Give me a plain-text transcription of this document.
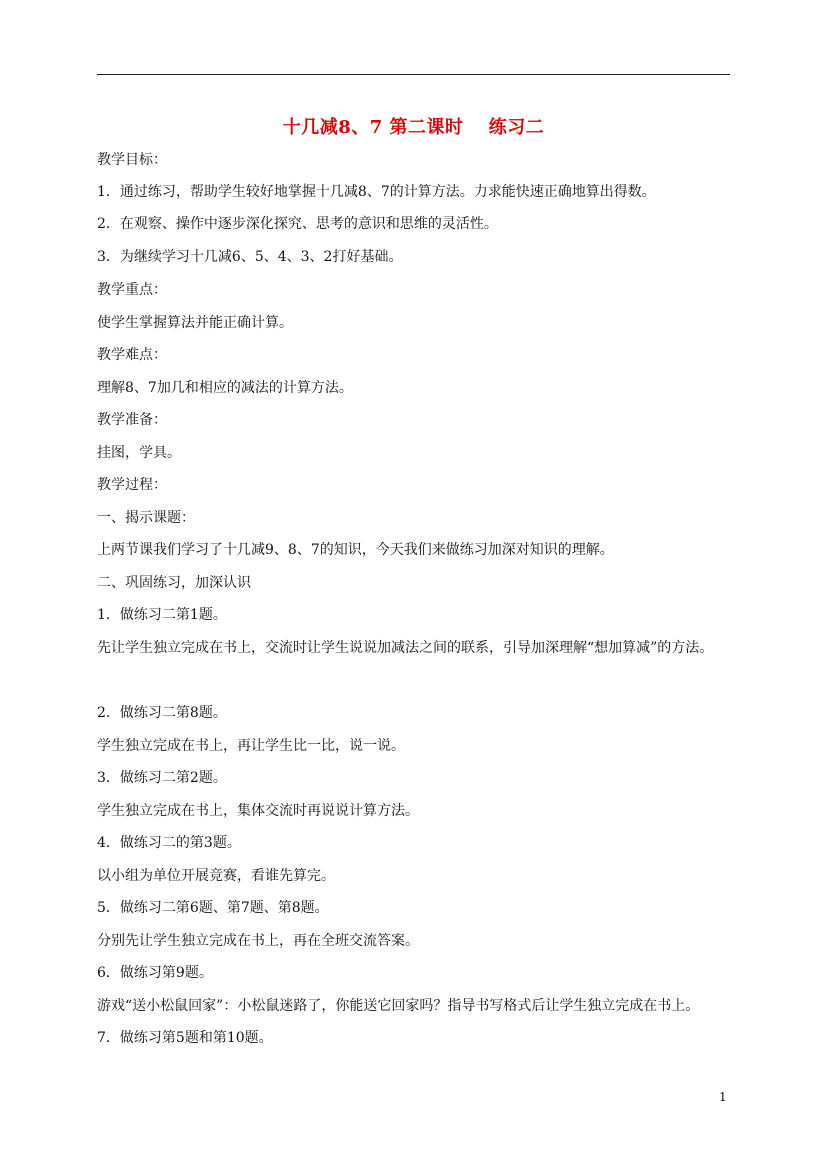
十几减8、7 第二课时　 练习二
教学目标：
1．通过练习，帮助学生较好地掌握十几减8、7的计算方法。力求能快速正确地算出得数。
2．在观察、操作中逐步深化探究、思考的意识和思维的灵活性。
3．为继续学习十几减6、5、4、3、2打好基础。
教学重点：
使学生掌握算法并能正确计算。
教学难点：
理解8、7加几和相应的减法的计算方法。
教学准备：
挂图，学具。
教学过程：
一、揭示课题：
上两节课我们学习了十几减9、8、7的知识，今天我们来做练习加深对知识的理解。
二、巩固练习，加深认识
1．做练习二第1题。
先让学生独立完成在书上，交流时让学生说说加减法之间的联系，引导加深理解“想加算减”的方法。
2．做练习二第8题。
学生独立完成在书上，再让学生比一比，说一说。
3．做练习二第2题。
学生独立完成在书上，集体交流时再说说计算方法。
4．做练习二的第3题。
以小组为单位开展竞赛，看谁先算完。
5．做练习二第6题、第7题、第8题。
分别先让学生独立完成在书上，再在全班交流答案。
6．做练习第9题。
游戏“送小松鼠回家”：小松鼠迷路了，你能送它回家吗？指导书写格式后让学生独立完成在书上。
7．做练习第5题和第10题。
1
